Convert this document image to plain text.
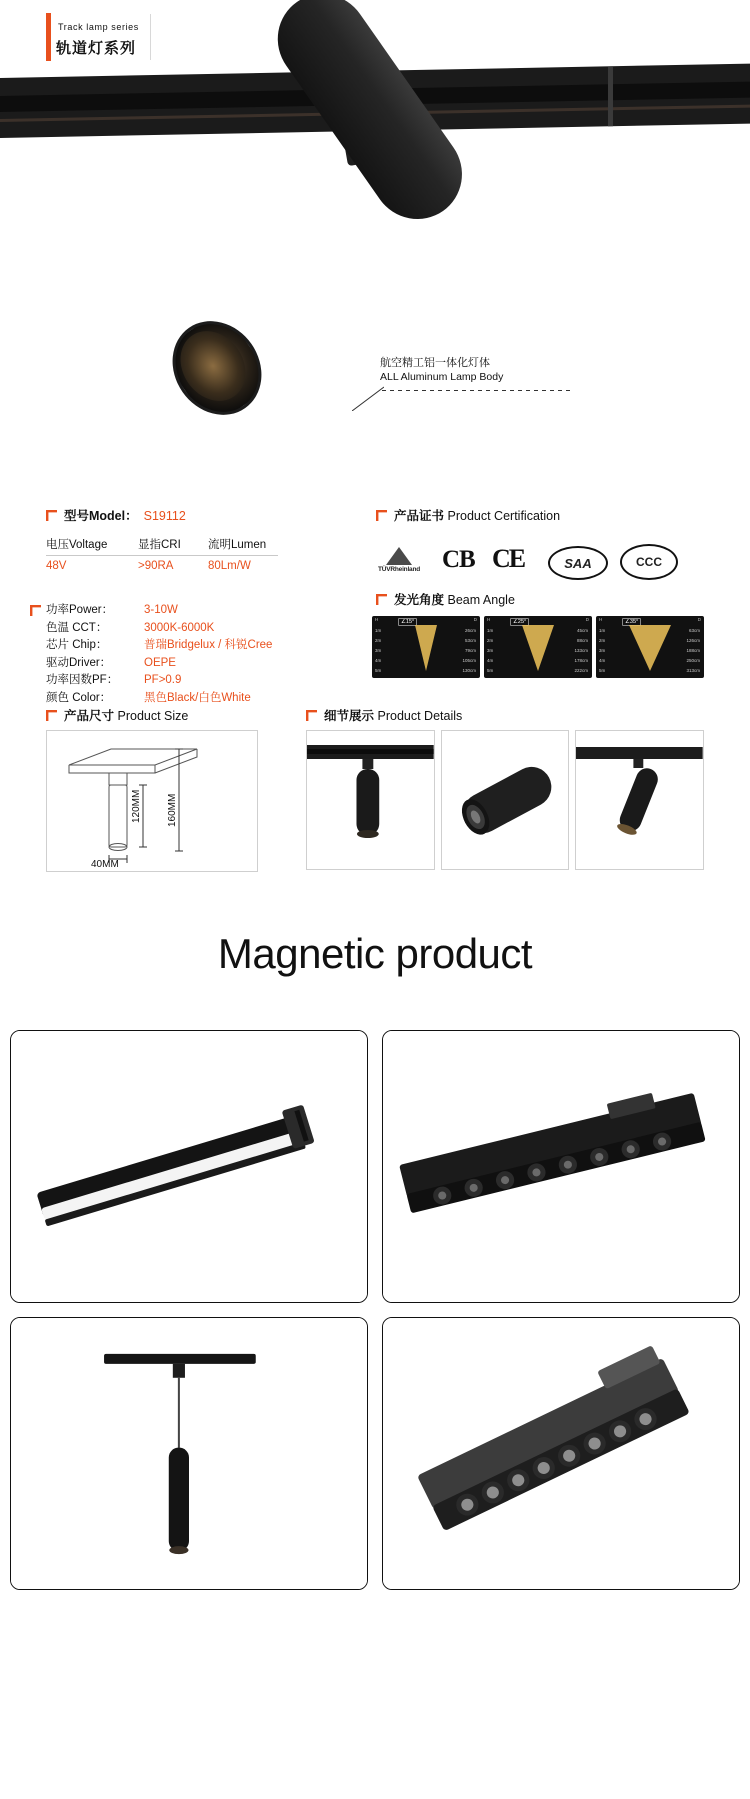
Track lamp series
轨道灯系列
航空精工铝一体化灯体
ALL Aluminum Lamp Body
型号Model： S19112
电压Voltage	显指CRI	流明Lumen
48V	>90RA	80Lm/W
功率Power：	3-10W
色温 CCT：	3000K-6000K
芯片 Chip：	普瑞Bridgelux / 科锐Cree
驱动Driver：	OEPE
功率因数PF： PF>0.9
颜色 Color：	黑色Black/白色White
产品证书 Product Certification
TÜVRheinland CB CE	SAA	CCC
发光角度 Beam Angle
H	D
∠15°
1m
2m
3m
4m
5m
26cm
53cm
79cm
105cm
130cm
H	D
∠25°
1m
2m
3m
4m
5m
45cm
88cm
133cm
178cm
222cm
H	D
∠35°
1m
2m
3m
4m
5m
63cm
126cm
188cm
250cm
313cm
产品尺寸 Product Size
120MM	160MM
40MM
细节展示 Product Details
Magnetic product
